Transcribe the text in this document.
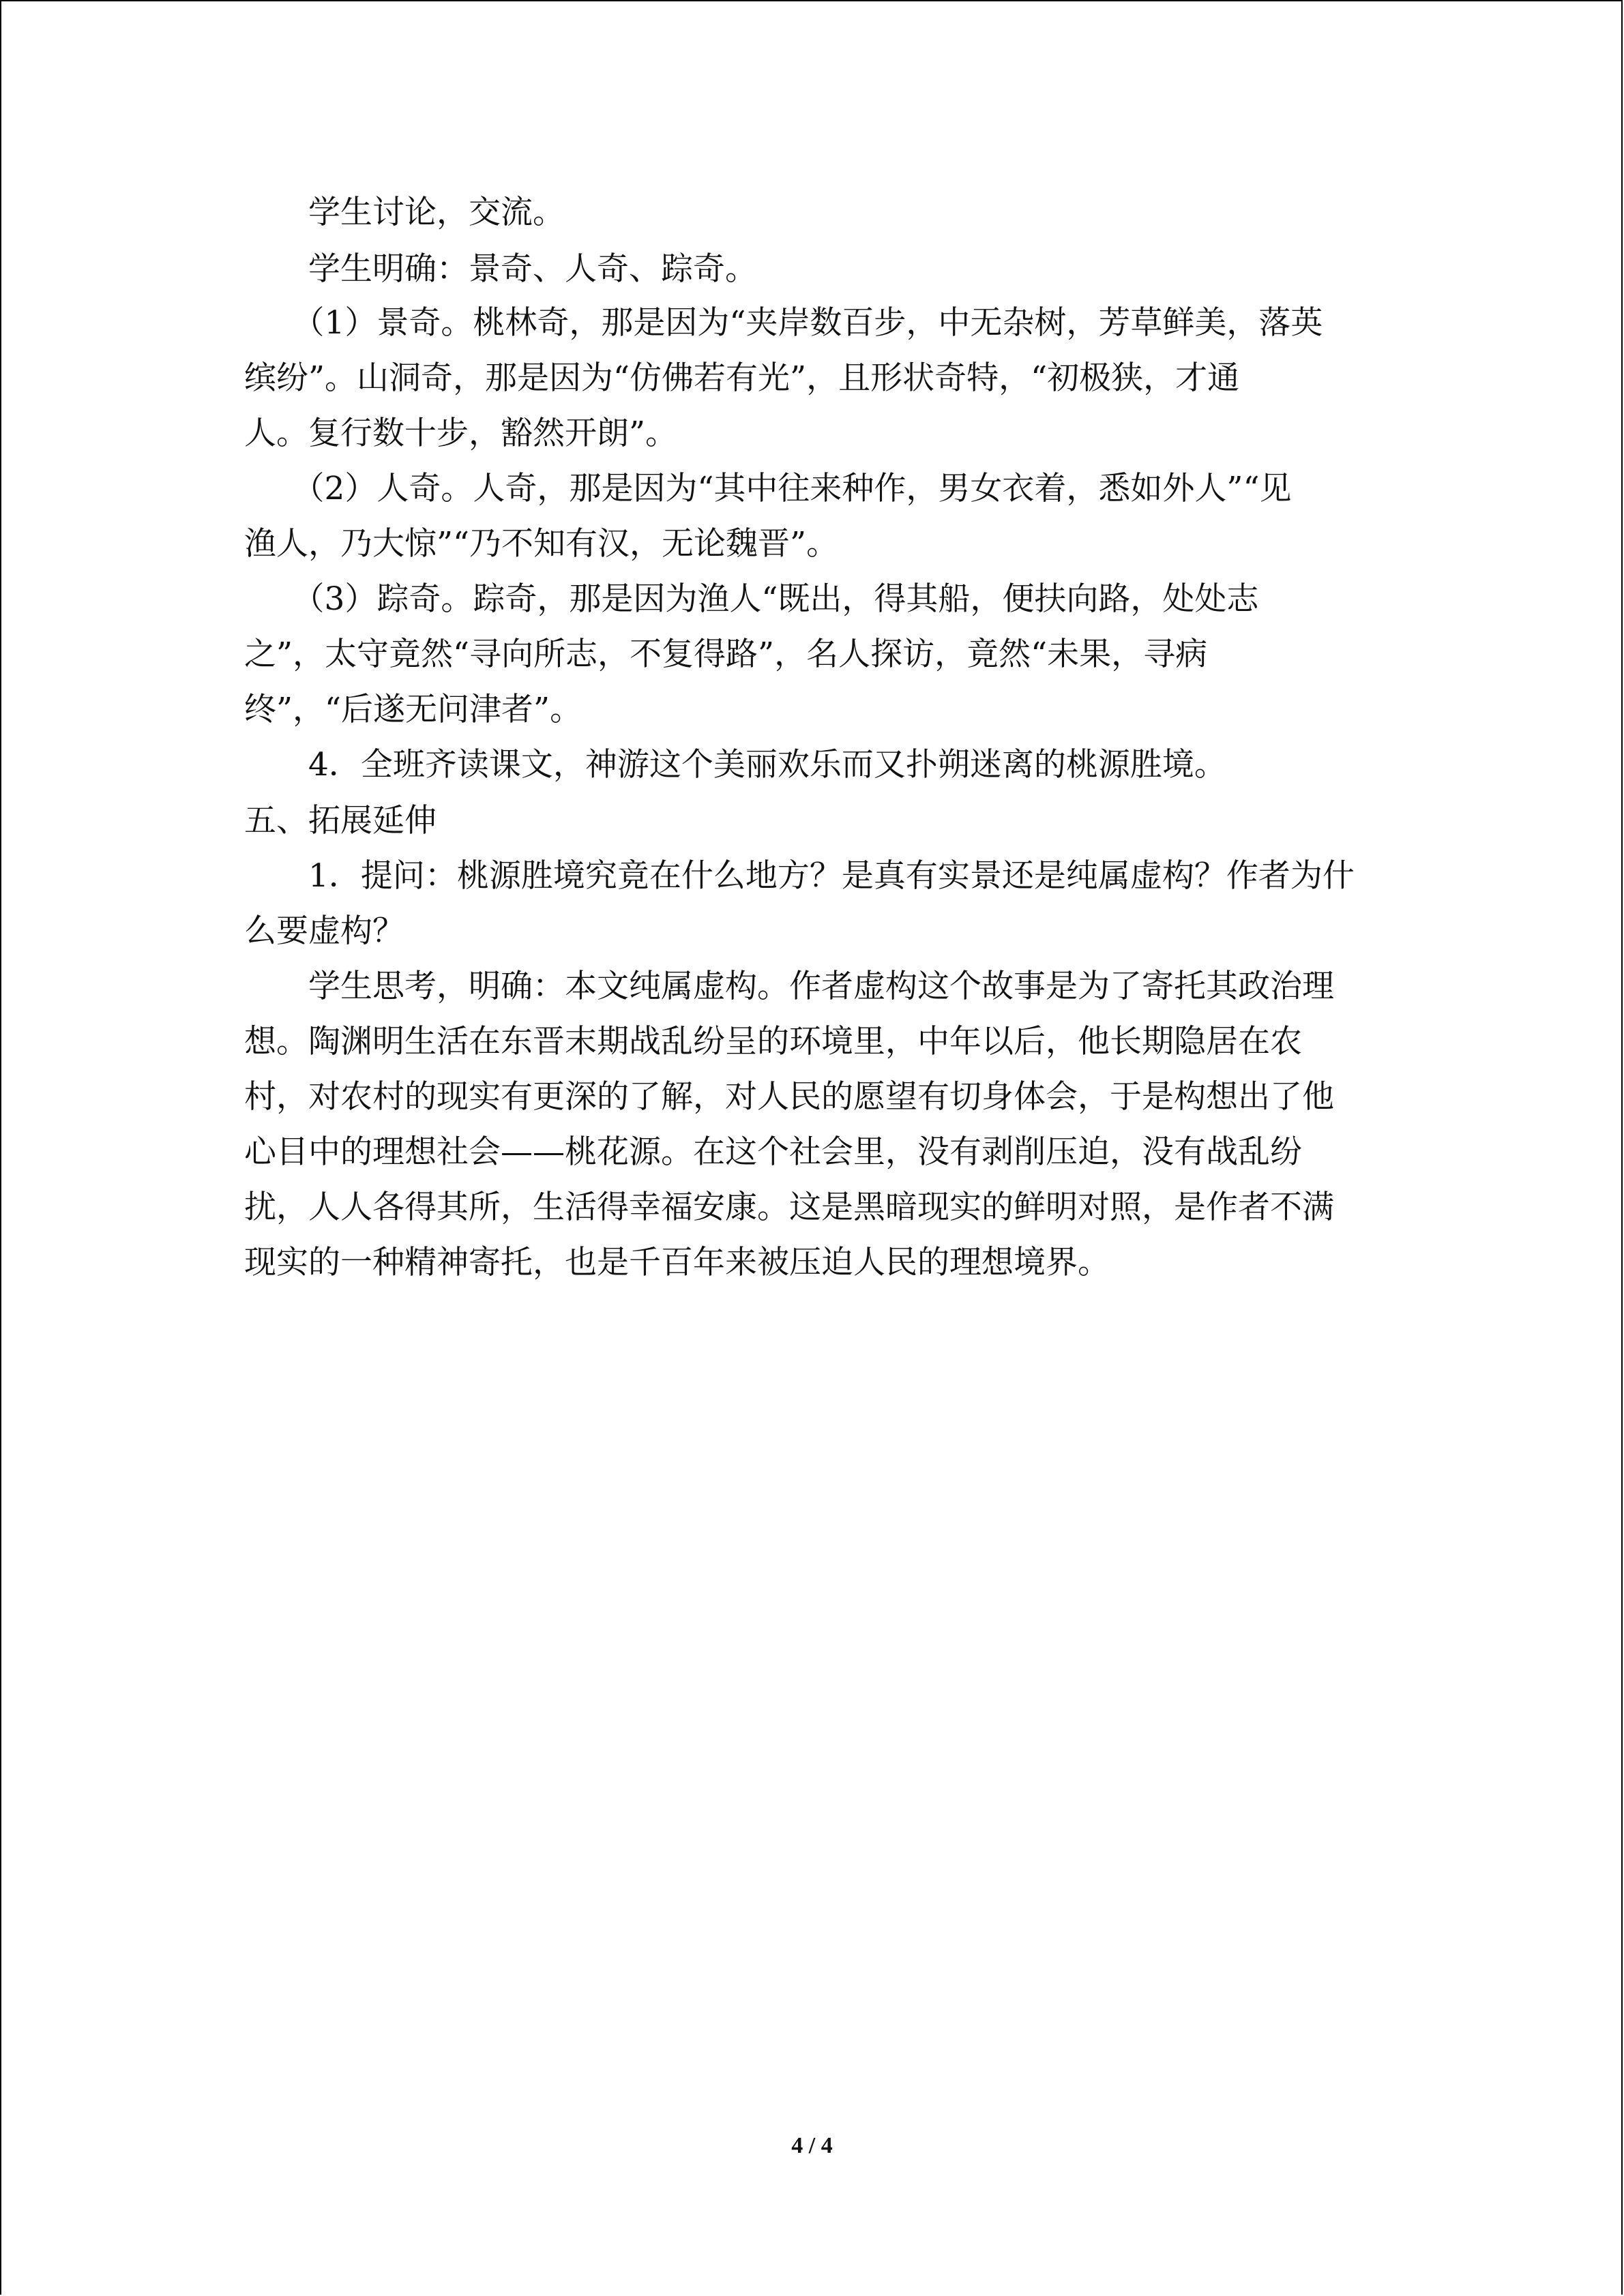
　　学生讨论，交流。
　　学生明确：景奇、人奇、踪奇。
　　（1）景奇。桃林奇，那是因为“夹岸数百步，中无杂树，芳草鲜美，落英
缤纷”。山洞奇，那是因为“仿佛若有光”，且形状奇特，“初极狭，才通
人。复行数十步，豁然开朗”。
　　（2）人奇。人奇，那是因为“其中往来种作，男女衣着，悉如外人”“见
渔人，乃大惊”“乃不知有汉，无论魏晋”。
　　（3）踪奇。踪奇，那是因为渔人“既出，得其船，便扶向路，处处志
之”，太守竟然“寻向所志，不复得路”，名人探访，竟然“未果，寻病
终”，“后遂无问津者”。
　　4．全班齐读课文，神游这个美丽欢乐而又扑朔迷离的桃源胜境。
五、拓展延伸
　　1．提问：桃源胜境究竟在什么地方？是真有实景还是纯属虚构？作者为什
么要虚构？
　　学生思考，明确：本文纯属虚构。作者虚构这个故事是为了寄托其政治理
想。陶渊明生活在东晋末期战乱纷呈的环境里，中年以后，他长期隐居在农
村，对农村的现实有更深的了解，对人民的愿望有切身体会，于是构想出了他
心目中的理想社会——桃花源。在这个社会里，没有剥削压迫，没有战乱纷
扰，人人各得其所，生活得幸福安康。这是黑暗现实的鲜明对照，是作者不满
现实的一种精神寄托，也是千百年来被压迫人民的理想境界。
4 / 4
